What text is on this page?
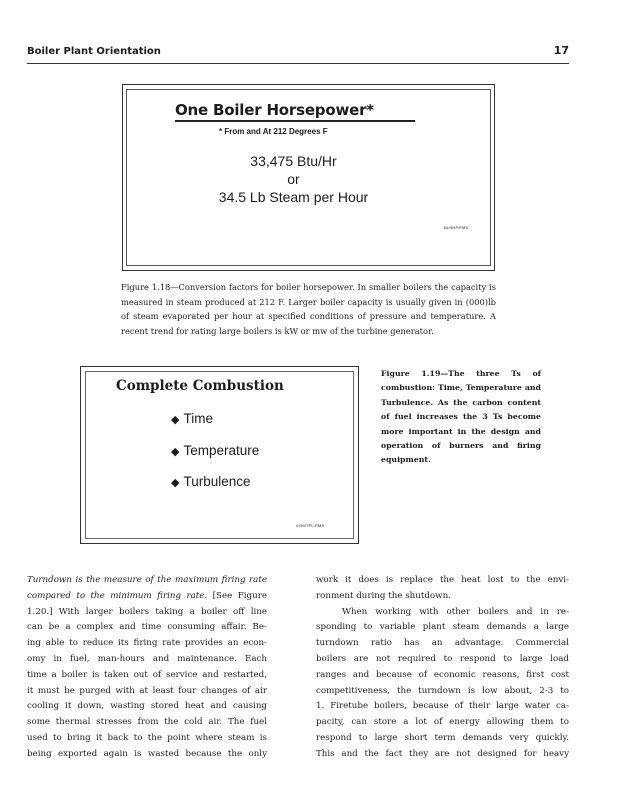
Boiler Plant Orientation	17
One Boiler Horsepower*
* From and At 212 Degrees F
33,475 Btu/Hr
or
34.5 Lb Steam per Hour
BLRHP.PM5
Figure 1.18—Conversion factors for boiler horsepower. In smaller boilers the capacity is measured in steam produced at 212 F. Larger boiler capacity is usually given in (000)lb of steam evaporated per hour at specified conditions of pressure and temperature. A recent trend for rating large boilers is kW or mw of the turbine generator.
Complete Combustion
◆ Time
◆ Temperature
◆ Turbulence
COMTPL.PM5
Figure 1.19—The three Ts of combustion: Time, Temperature and Turbulence. As the carbon content of fuel increases the 3 Ts become more important in the design and operation of burners and firing equipment.
Turndown is the measure of the maximum firing rate
compared to the minimum firing rate. [See Figure
1.20.] With larger boilers taking a boiler off line
can be a complex and time consuming affair. Be-
ing able to reduce its firing rate provides an econ-
omy in fuel, man-hours and maintenance. Each
time a boiler is taken out of service and restarted,
it must be purged with at least four changes of air
cooling it down, wasting stored heat and causing
some thermal stresses from the cold air. The fuel
used to bring it back to the point where steam is
being exported again is wasted because the only
work it does is replace the heat lost to the envi-
ronment during the shutdown.
When working with other boilers and in re-
sponding to variable plant steam demands a large
turndown ratio has an advantage. Commercial
boilers are not required to respond to large load
ranges and because of economic reasons, first cost
competitiveness, the turndown is low about, 2-3 to
1. Firetube boilers, because of their large water ca-
pacity, can store a lot of energy allowing them to
respond to large short term demands very quickly.
This and the fact they are not designed for heavy
